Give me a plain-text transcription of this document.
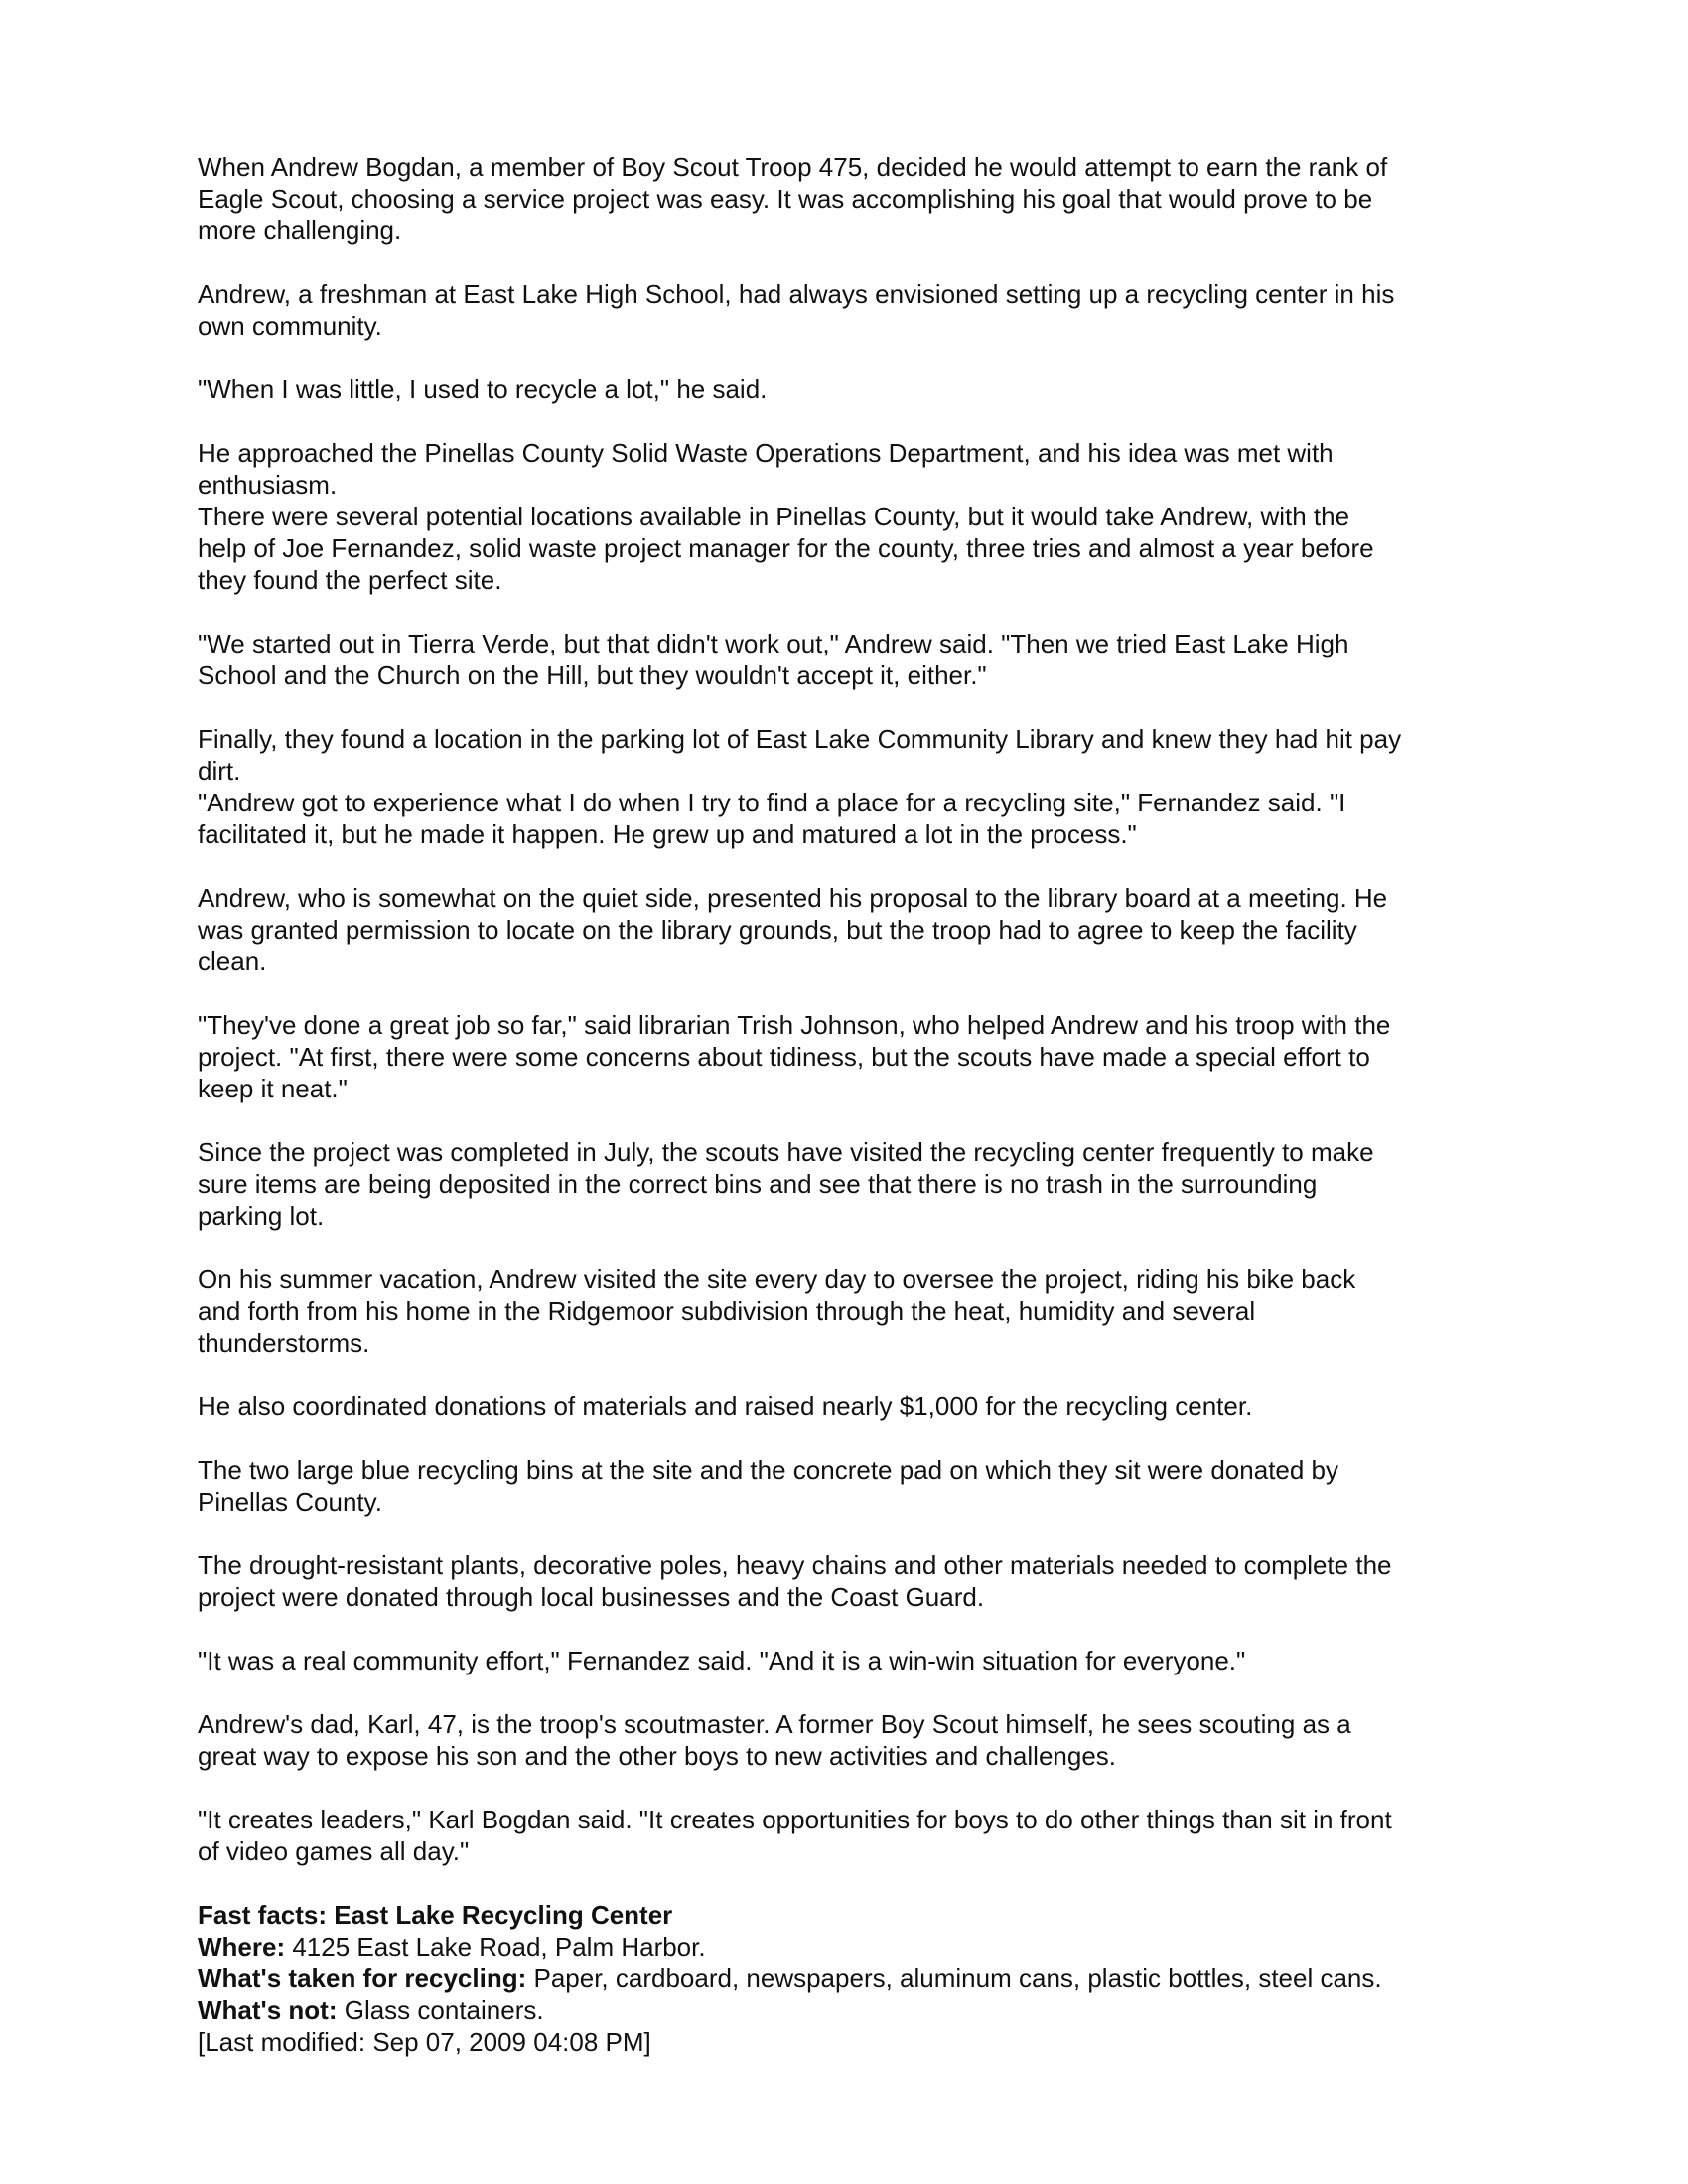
When Andrew Bogdan, a member of Boy Scout Troop 475, decided he would attempt to earn the rank of
Eagle Scout, choosing a service project was easy. It was accomplishing his goal that would prove to be
more challenging.

Andrew, a freshman at East Lake High School, had always envisioned setting up a recycling center in his
own community.

"When I was little, I used to recycle a lot," he said.

He approached the Pinellas County Solid Waste Operations Department, and his idea was met with
enthusiasm.

There were several potential locations available in Pinellas County, but it would take Andrew, with the
help of Joe Fernandez, solid waste project manager for the county, three tries and almost a year before
they found the perfect site.

"We started out in Tierra Verde, but that didn't work out," Andrew said. "Then we tried East Lake High
School and the Church on the Hill, but they wouldn't accept it, either."

Finally, they found a location in the parking lot of East Lake Community Library and knew they had hit pay
dirt.

"Andrew got to experience what I do when I try to find a place for a recycling site," Fernandez said. "I
facilitated it, but he made it happen. He grew up and matured a lot in the process."

Andrew, who is somewhat on the quiet side, presented his proposal to the library board at a meeting. He
was granted permission to locate on the library grounds, but the troop had to agree to keep the facility
clean.

"They've done a great job so far," said librarian Trish Johnson, who helped Andrew and his troop with the
project. "At first, there were some concerns about tidiness, but the scouts have made a special effort to
keep it neat."

Since the project was completed in July, the scouts have visited the recycling center frequently to make
sure items are being deposited in the correct bins and see that there is no trash in the surrounding
parking lot.

On his summer vacation, Andrew visited the site every day to oversee the project, riding his bike back
and forth from his home in the Ridgemoor subdivision through the heat, humidity and several
thunderstorms.

He also coordinated donations of materials and raised nearly $1,000 for the recycling center.

The two large blue recycling bins at the site and the concrete pad on which they sit were donated by
Pinellas County.

The drought-resistant plants, decorative poles, heavy chains and other materials needed to complete the
project were donated through local businesses and the Coast Guard.

"It was a real community effort," Fernandez said. "And it is a win-win situation for everyone."

Andrew's dad, Karl, 47, is the troop's scoutmaster. A former Boy Scout himself, he sees scouting as a
great way to expose his son and the other boys to new activities and challenges.

"It creates leaders," Karl Bogdan said. "It creates opportunities for boys to do other things than sit in front
of video games all day."

Fast facts: East Lake Recycling Center
Where: 4125 East Lake Road, Palm Harbor.
What's taken for recycling: Paper, cardboard, newspapers, aluminum cans, plastic bottles, steel cans.
What's not: Glass containers.
[Last modified: Sep 07, 2009 04:08 PM]
